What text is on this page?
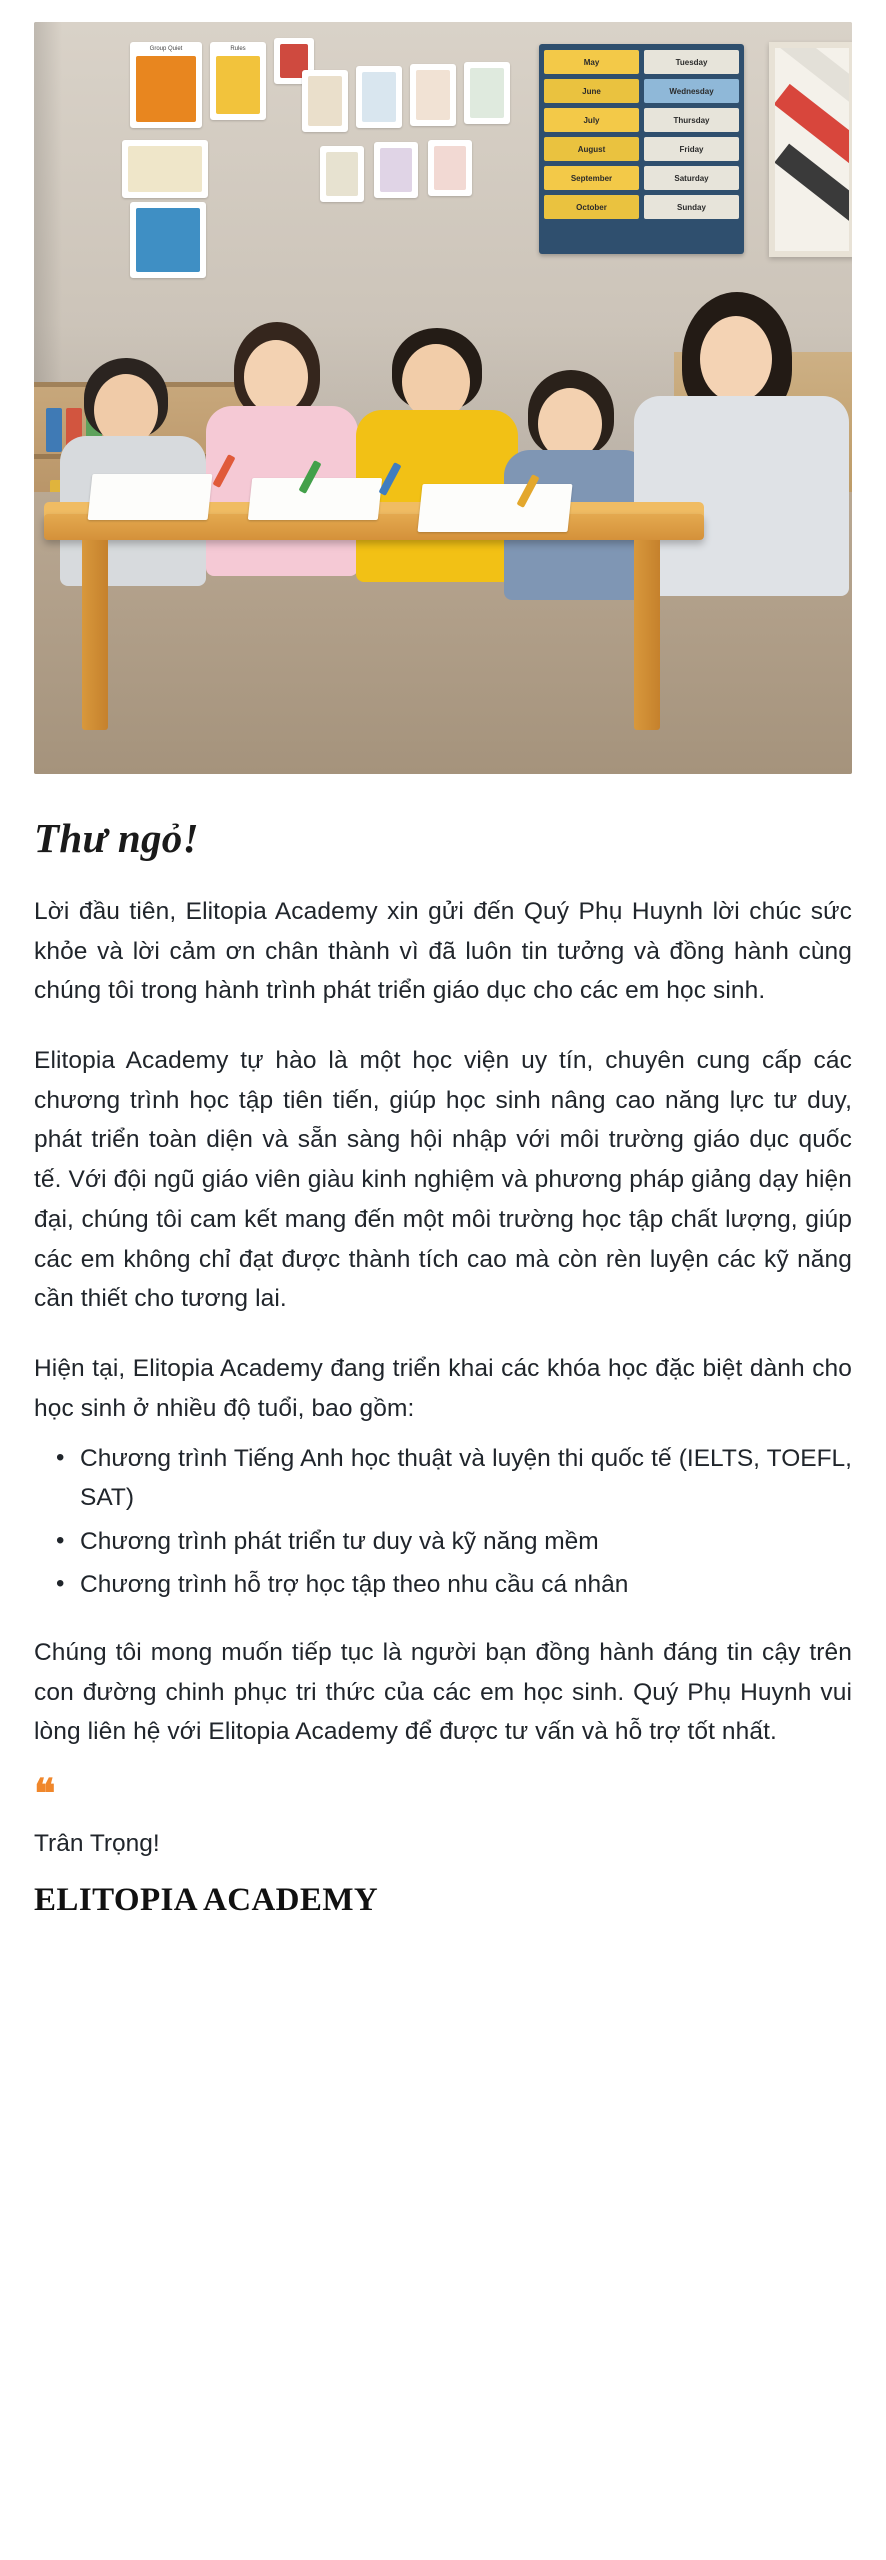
Group Quiet	Rules
May	Tuesday
June	Wednesday
July	Thursday
August	Friday
September	Saturday
October	Sunday
Thư ngỏ!

Lời đầu tiên, Elitopia Academy xin gửi đến Quý Phụ Huynh lời chúc sức khỏe và lời cảm ơn chân thành vì đã luôn tin tưởng và đồng hành cùng chúng tôi trong hành trình phát triển giáo dục cho các em học sinh.

Elitopia Academy tự hào là một học viện uy tín, chuyên cung cấp các chương trình học tập tiên tiến, giúp học sinh nâng cao năng lực tư duy, phát triển toàn diện và sẵn sàng hội nhập với môi trường giáo dục quốc tế. Với đội ngũ giáo viên giàu kinh nghiệm và phương pháp giảng dạy hiện đại, chúng tôi cam kết mang đến một môi trường học tập chất lượng, giúp các em không chỉ đạt được thành tích cao mà còn rèn luyện các kỹ năng cần thiết cho tương lai.

Hiện tại, Elitopia Academy đang triển khai các khóa học đặc biệt dành cho học sinh ở nhiều độ tuổi, bao gồm:

• Chương trình Tiếng Anh học thuật và luyện thi quốc tế (IELTS, TOEFL, SAT)
• Chương trình phát triển tư duy và kỹ năng mềm
• Chương trình hỗ trợ học tập theo nhu cầu cá nhân

Chúng tôi mong muốn tiếp tục là người bạn đồng hành đáng tin cậy trên con đường chinh phục tri thức của các em học sinh. Quý Phụ Huynh vui lòng liên hệ với Elitopia Academy để được tư vấn và hỗ trợ tốt nhất.

❝

Trân Trọng!

ELITOPIA ACADEMY
